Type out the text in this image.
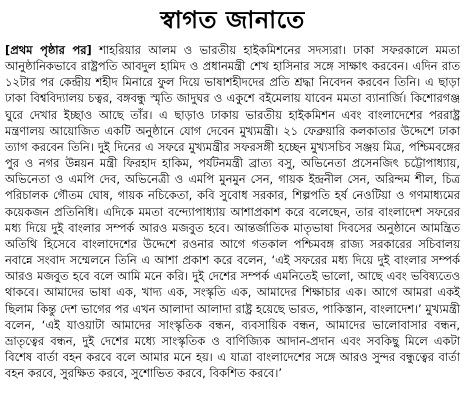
স্বাগত জানাতে

[প্রথম পৃষ্ঠার পর] শাহরিয়ার আলম ও ভারতীয় হাইকমিশনের সদস্যরা। ঢাকা সফরকালে মমতা আনুষ্ঠানিকভাবে রাষ্ট্রপতি আবদুল হামিদ ও প্রধানমন্ত্রী শেখ হাসিনার সঙ্গে সাক্ষাৎ করবেন। এদিন রাত ১২টার পর কেন্দ্রীয় শহীদ মিনারে ফুল দিয়ে ভাষাশহীদদের প্রতি শ্রদ্ধা নিবেদন করবেন তিনি। এ ছাড়া ঢাকা বিশ্ববিদ্যালয় চত্বর, বঙ্গবন্ধু স্মৃতি জাদুঘর ও একুশে বইমেলায় যাবেন মমতা ব্যানার্জি। কিশোরগঞ্জ ঘুরে দেখার ইচ্ছাও আছে তাঁর। এ ছাড়াও ঢাকায় ভারতীয় হাইকমিশন এবং বাংলাদেশের পররাষ্ট্র মন্ত্রণালয় আয়োজিত একটি অনুষ্ঠানে যোগ দেবেন মুখ্যমন্ত্রী। ২১ ফেব্রুয়ারি কলকাতার উদ্দেশে ঢাকা ত্যাগ করবেন তিনি। দুই দিনের এ সফরে মুখ্যমন্ত্রীর সফরসঙ্গী হচ্ছেন মুখ্যসচিব সঞ্জয় মিত্র, পশ্চিমবঙ্গের পুর ও নগর উন্নয়ন মন্ত্রী ফিরহাদ হাকিম, পর্যটনমন্ত্রী ব্রাত্য বসু, অভিনেতা প্রসেনজিৎ চট্টোপাধ্যায়, অভিনেতা ও এমপি দেব, অভিনেত্রী ও এমপি মুনমুন সেন, গায়ক ইন্দ্রনীল সেন, অরিন্দম শীল, চিত্র পরিচালক গৌতম ঘোষ, গায়ক নচিকেতা, কবি সুবোধ সরকার, শিল্পপতি হর্ষ নেওটিয়া ও গণমাধ্যমের কয়েকজন প্রতিনিধি। এদিকে মমতা বন্দ্যোপাধ্যায় আশাপ্রকাশ করে বলেছেন, তার বাংলাদেশ সফরের মধ্য দিয়ে দুই বাংলার সম্পর্ক আরও মজবুত হবে। আন্তর্জাতিক মাতৃভাষা দিবসের অনুষ্ঠানে আমন্ত্রিত অতিথি হিসেবে বাংলাদেশের উদ্দেশে রওনার আগে গতকাল পশ্চিমবঙ্গ রাজ্য সরকারের সচিবালয় নবান্নে সংবাদ সম্মেলনে তিনি এ আশা প্রকাশ করে বলেন, ‘এই সফরের মধ্য দিয়ে দুই বাংলার সম্পর্ক আরও মজবুত হবে বলে আমি মনে করি। দুই দেশের সম্পর্ক এমনিতেই ভালো, আছে এবং ভবিষ্যতেও থাকবে। আমাদের ভাষা এক, খাদ্য এক, সংস্কৃতি এক, আমাদের শিক্ষাচার এক। আগে আমরা একই ছিলাম কিন্তু দেশ ভাগের পর এখন আলাদা আলাদা রাষ্ট্র হয়েছে ভারত, পাকিস্তান, বাংলাদেশ।’ মুখ্যমন্ত্রী বলেন, ‘এই যাওয়াটা আমাদের সাংস্কৃতিক বন্ধন, ব্যবসায়িক বন্ধন, আমাদের ভালোবাসার বন্ধন, ভ্রাতৃত্বের বন্ধন, দুই দেশের মধ্যে সাংস্কৃতিক ও বাণিজ্যিক আদান-প্রদান এবং সবকিছু মিলে একটা বিশেষ বার্তা বহন করবে বলে আমার মনে হয়। এ যাত্রা বাংলাদেশের সঙ্গে আরও সুন্দর বন্ধুত্বের বার্তা বহন করবে, সুরক্ষিত করবে, সুশোভিত করবে, বিকশিত করবে।’
